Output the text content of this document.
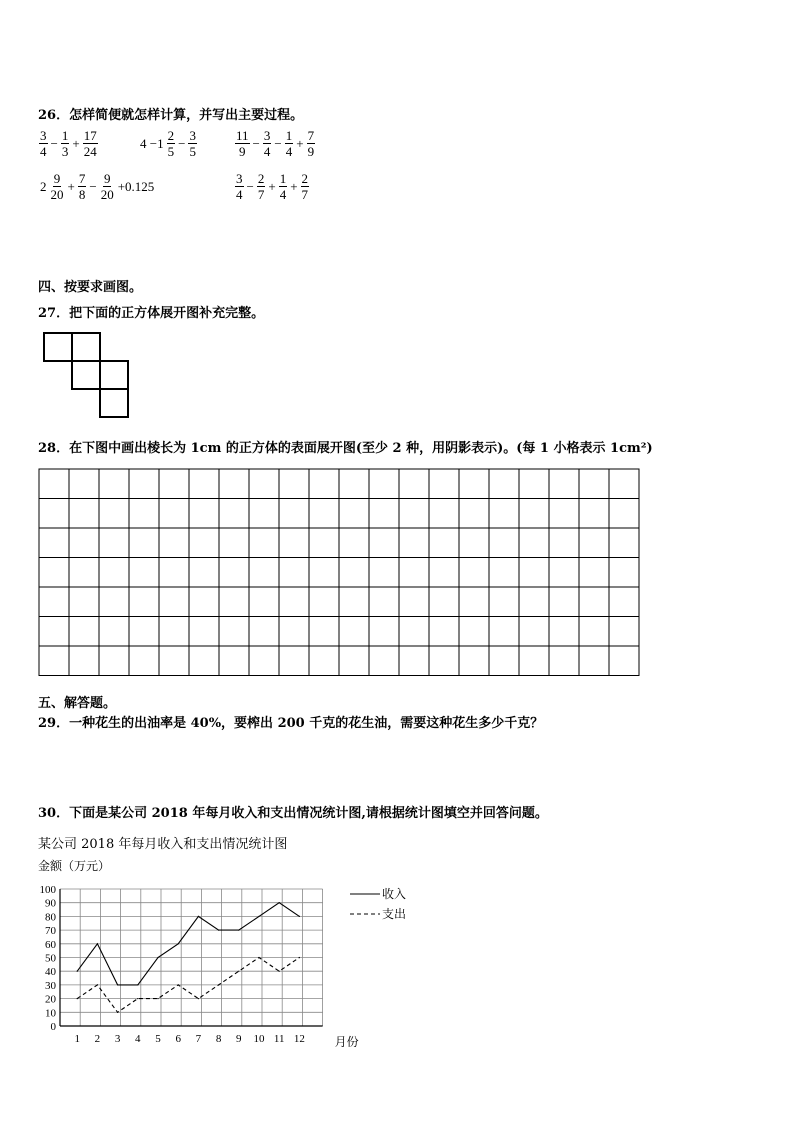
26．怎样简便就怎样计算，并写出主要过程。
$\frac{3}{4} - \frac{1}{3} + \frac{17}{24}$	$4 -1 \frac{2}{5} - \frac{3}{5}$	$\frac{11}{9} - \frac{3}{4} - \frac{1}{4} + \frac{7}{9}$
$2 \frac{9}{20} + \frac{7}{8} - \frac{9}{20} +0.125$	$\frac{3}{4} - \frac{2}{7} + \frac{1}{4} + \frac{2}{7}$
四、按要求画图。
27．把下面的正方体展开图补充完整。
28．在下图中画出棱长为 1cm 的正方体的表面展开图(至少 2 种，用阴影表示)。(每 1 小格表示 1cm²)
五、解答题。
29．一种花生的出油率是 40%，要榨出 200 千克的花生油，需要这种花生多少千克？
30．下面是某公司 2018 年每月收入和支出情况统计图,请根据统计图填空并回答问题。
某公司 2018 年每月收入和支出情况统计图
金额（万元）
0
10
20
30
40
50
60
70
80
90
100
1 2 3 4 5 6 7 8 9 10 11 12 月份
收入
支出
